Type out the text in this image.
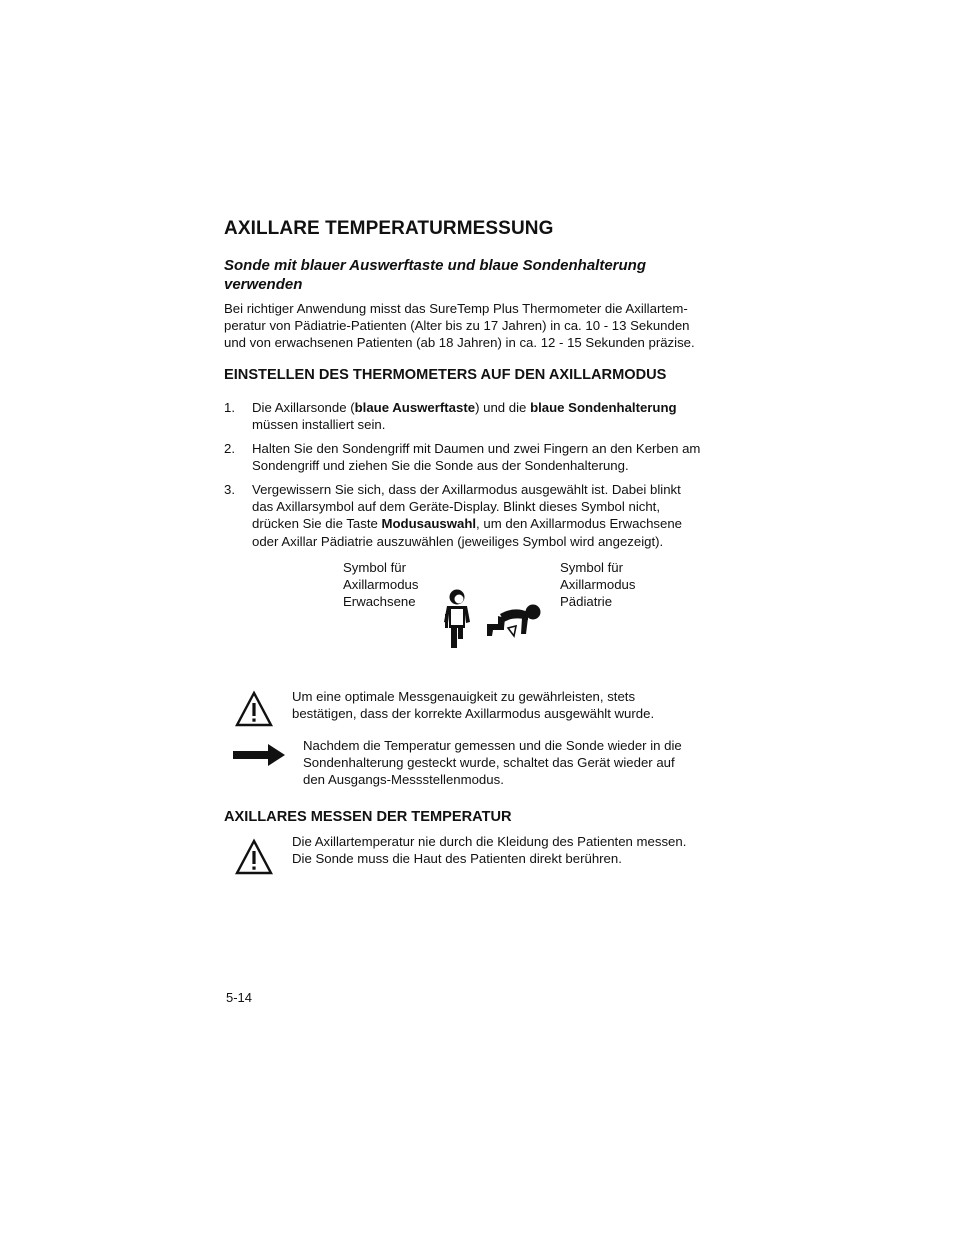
AXILLARE TEMPERATURMESSUNG
Sonde mit blauer Auswerftaste und blaue Sondenhalterung verwenden
Bei richtiger Anwendung misst das SureTemp Plus Thermometer die Axillartem-
peratur von Pädiatrie-Patienten (Alter bis zu 17 Jahren) in ca. 10 - 13 Sekunden
und von erwachsenen Patienten (ab 18 Jahren) in ca. 12 - 15 Sekunden präzise.
EINSTELLEN DES THERMOMETERS AUF DEN AXILLARMODUS
1. Die Axillarsonde (blaue Auswerftaste) und die blaue Sondenhalterung
müssen installiert sein.
2. Halten Sie den Sondengriff mit Daumen und zwei Fingern an den Kerben am
Sondengriff und ziehen Sie die Sonde aus der Sondenhalterung.
3. Vergewissern Sie sich, dass der Axillarmodus ausgewählt ist. Dabei blinkt
das Axillarsymbol auf dem Geräte-Display. Blinkt dieses Symbol nicht,
drücken Sie die Taste Modusauswahl, um den Axillarmodus Erwachsene
oder Axillar Pädiatrie auszuwählen (jeweiliges Symbol wird angezeigt).
Symbol für
Axillarmodus
Erwachsene
Symbol für
Axillarmodus
Pädiatrie
Um eine optimale Messgenauigkeit zu gewährleisten, stets
bestätigen, dass der korrekte Axillarmodus ausgewählt wurde.
Nachdem die Temperatur gemessen und die Sonde wieder in die
Sondenhalterung gesteckt wurde, schaltet das Gerät wieder auf
den Ausgangs-Messstellenmodus.
AXILLARES MESSEN DER TEMPERATUR
Die Axillartemperatur nie durch die Kleidung des Patienten messen.
Die Sonde muss die Haut des Patienten direkt berühren.
5-14
